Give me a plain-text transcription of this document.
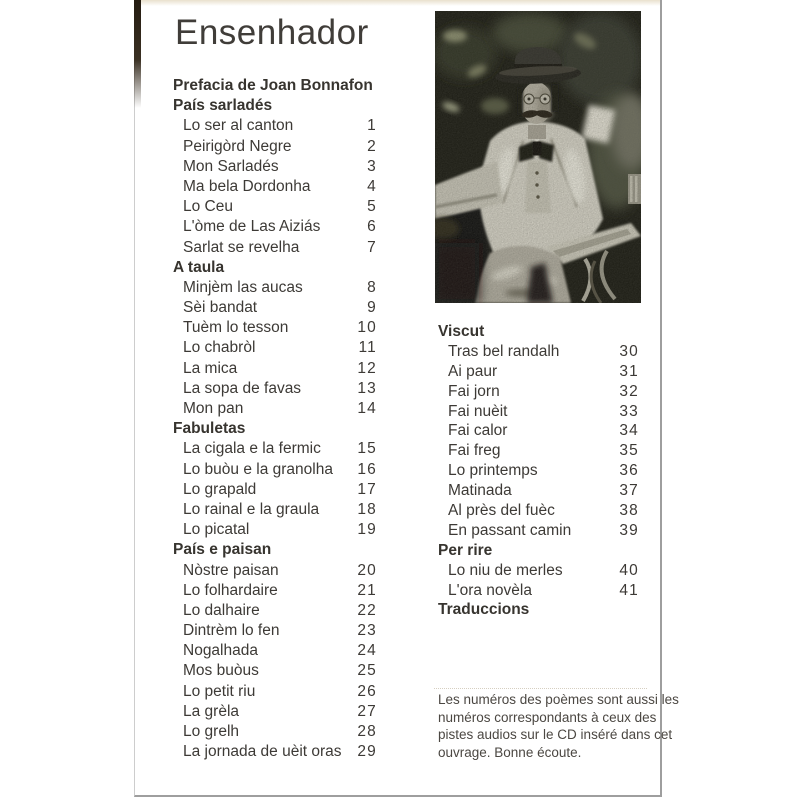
Ensenhador
Prefacia de Joan Bonnafon
País sarladés
Lo ser al canton	1
Peirigòrd Negre	2
Mon Sarladés	3
Ma bela Dordonha	4
Lo Ceu	5
L'òme de Las Aiziás	6
Sarlat se revelha	7
A taula
Minjèm las aucas	8
Sèi bandat	9
Tuèm lo tesson	10
Lo chabròl	11
La mica	12
La sopa de favas	13
Mon pan	14
Fabuletas
La cigala e la fermic 15
Lo buòu e la granolha 16
Lo grapald	17
Lo rainal e la graula 18
Lo picatal	19
País e paisan
Nòstre paisan	20
Lo folhardaire	21
Lo dalhaire	22
Dintrèm lo fen	23
Nogalhada	24
Mos buòus	25
Lo petit riu	26
La grèla	27
Lo grelh	28
La jornada de uèit oras 29
Viscut
Tras bel randalh	30
Ai paur	31
Fai jorn	32
Fai nuèit	33
Fai calor	34
Fai freg	35
Lo printemps	36
Matinada	37
Al près del fuèc	38
En passant camin	39
Per rire
Lo niu de merles	40
L'ora novèla	41
Traduccions
Les numéros des poèmes sont aussi les
numéros correspondants à ceux des
pistes audios sur le CD inséré dans cet
ouvrage. Bonne écoute.
